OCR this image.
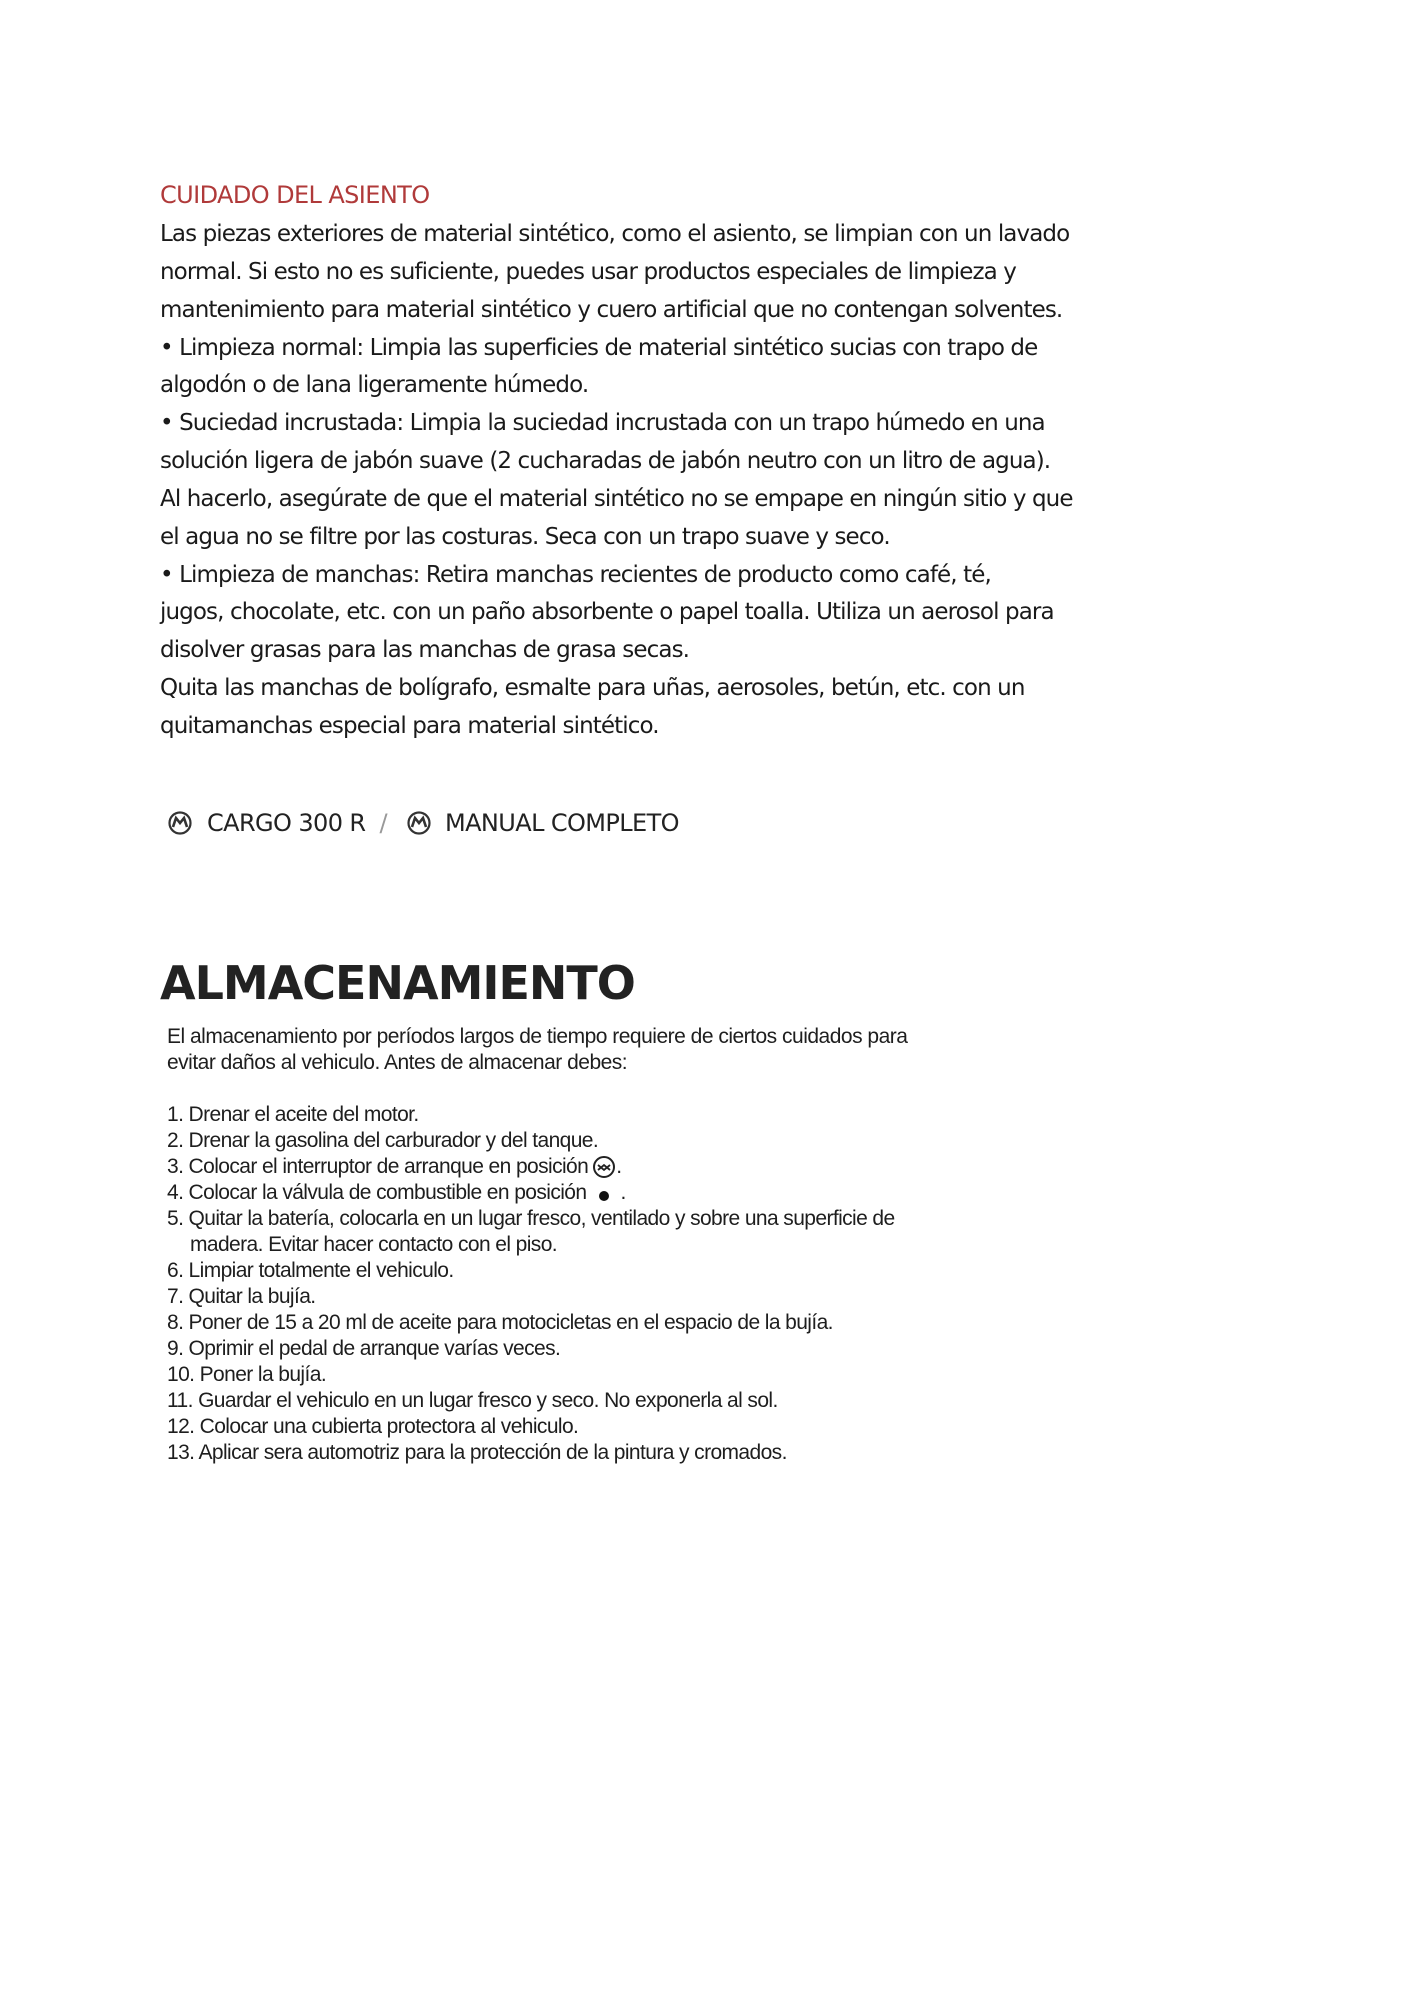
CUIDADO DEL ASIENTO
Las piezas exteriores de material sintético, como el asiento, se limpian con un lavado
normal. Si esto no es suficiente, puedes usar productos especiales de limpieza y
mantenimiento para material sintético y cuero artificial que no contengan solventes.
• Limpieza normal: Limpia las superficies de material sintético sucias con trapo de
algodón o de lana ligeramente húmedo.
• Suciedad incrustada: Limpia la suciedad incrustada con un trapo húmedo en una
solución ligera de jabón suave (2 cucharadas de jabón neutro con un litro de agua).
Al hacerlo, asegúrate de que el material sintético no se empape en ningún sitio y que
el agua no se filtre por las costuras. Seca con un trapo suave y seco.
• Limpieza de manchas: Retira manchas recientes de producto como café, té,
jugos, chocolate, etc. con un paño absorbente o papel toalla. Utiliza un aerosol para
disolver grasas para las manchas de grasa secas.
Quita las manchas de bolígrafo, esmalte para uñas, aerosoles, betún, etc. con un
quitamanchas especial para material sintético.
CARGO 300 R / MANUAL COMPLETO
ALMACENAMIENTO
El almacenamiento por períodos largos de tiempo requiere de ciertos cuidados para
evitar daños al vehiculo. Antes de almacenar debes:
1. Drenar el aceite del motor.
2. Drenar la gasolina del carburador y del tanque.
3. Colocar el interruptor de arranque en posición .
4. Colocar la válvula de combustible en posición .
5. Quitar la batería, colocarla en un lugar fresco, ventilado y sobre una superficie de
madera. Evitar hacer contacto con el piso.
6. Limpiar totalmente el vehiculo.
7. Quitar la bujía.
8. Poner de 15 a 20 ml de aceite para motocicletas en el espacio de la bujía.
9. Oprimir el pedal de arranque varías veces.
10. Poner la bujía.
11. Guardar el vehiculo en un lugar fresco y seco. No exponerla al sol.
12. Colocar una cubierta protectora al vehiculo.
13. Aplicar sera automotriz para la protección de la pintura y cromados.
